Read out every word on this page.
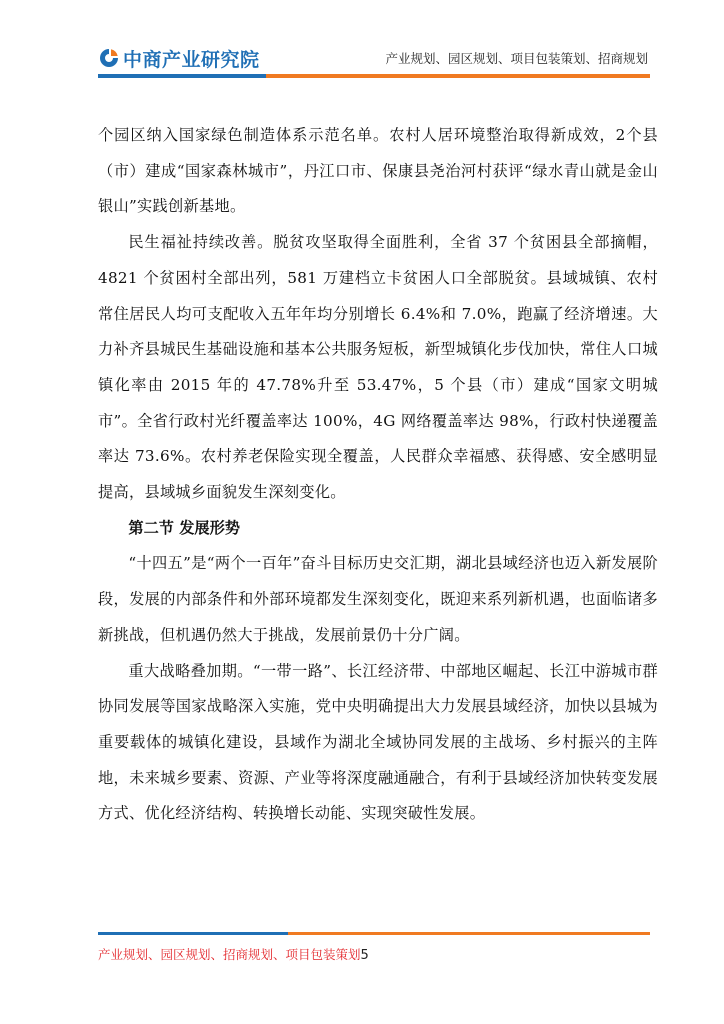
中商产业研究院	产业规划、园区规划、项目包装策划、招商规划

个园区纳入国家绿色制造体系示范名单。农村人居环境整治取得新成效，2个县（市）建成“国家森林城市”，丹江口市、保康县尧治河村获评“绿水青山就是金山银山”实践创新基地。

民生福祉持续改善。脱贫攻坚取得全面胜利，全省 37 个贫困县全部摘帽，4821 个贫困村全部出列，581 万建档立卡贫困人口全部脱贫。县域城镇、农村常住居民人均可支配收入五年年均分别增长 6.4%和 7.0%，跑赢了经济增速。大力补齐县城民生基础设施和基本公共服务短板，新型城镇化步伐加快，常住人口城镇化率由 2015 年的 47.78%升至 53.47%，5 个县（市）建成“国家文明城市”。全省行政村光纤覆盖率达 100%，4G 网络覆盖率达 98%，行政村快递覆盖率达 73.6%。农村养老保险实现全覆盖，人民群众幸福感、获得感、安全感明显提高，县域城乡面貌发生深刻变化。

第二节 发展形势

“十四五”是“两个一百年”奋斗目标历史交汇期，湖北县域经济也迈入新发展阶段，发展的内部条件和外部环境都发生深刻变化，既迎来系列新机遇，也面临诸多新挑战，但机遇仍然大于挑战，发展前景仍十分广阔。

重大战略叠加期。“一带一路”、长江经济带、中部地区崛起、长江中游城市群协同发展等国家战略深入实施，党中央明确提出大力发展县域经济，加快以县城为重要载体的城镇化建设，县域作为湖北全域协同发展的主战场、乡村振兴的主阵地，未来城乡要素、资源、产业等将深度融通融合，有利于县域经济加快转变发展方式、优化经济结构、转换增长动能、实现突破性发展。

产业规划、园区规划、招商规划、项目包装策划5
